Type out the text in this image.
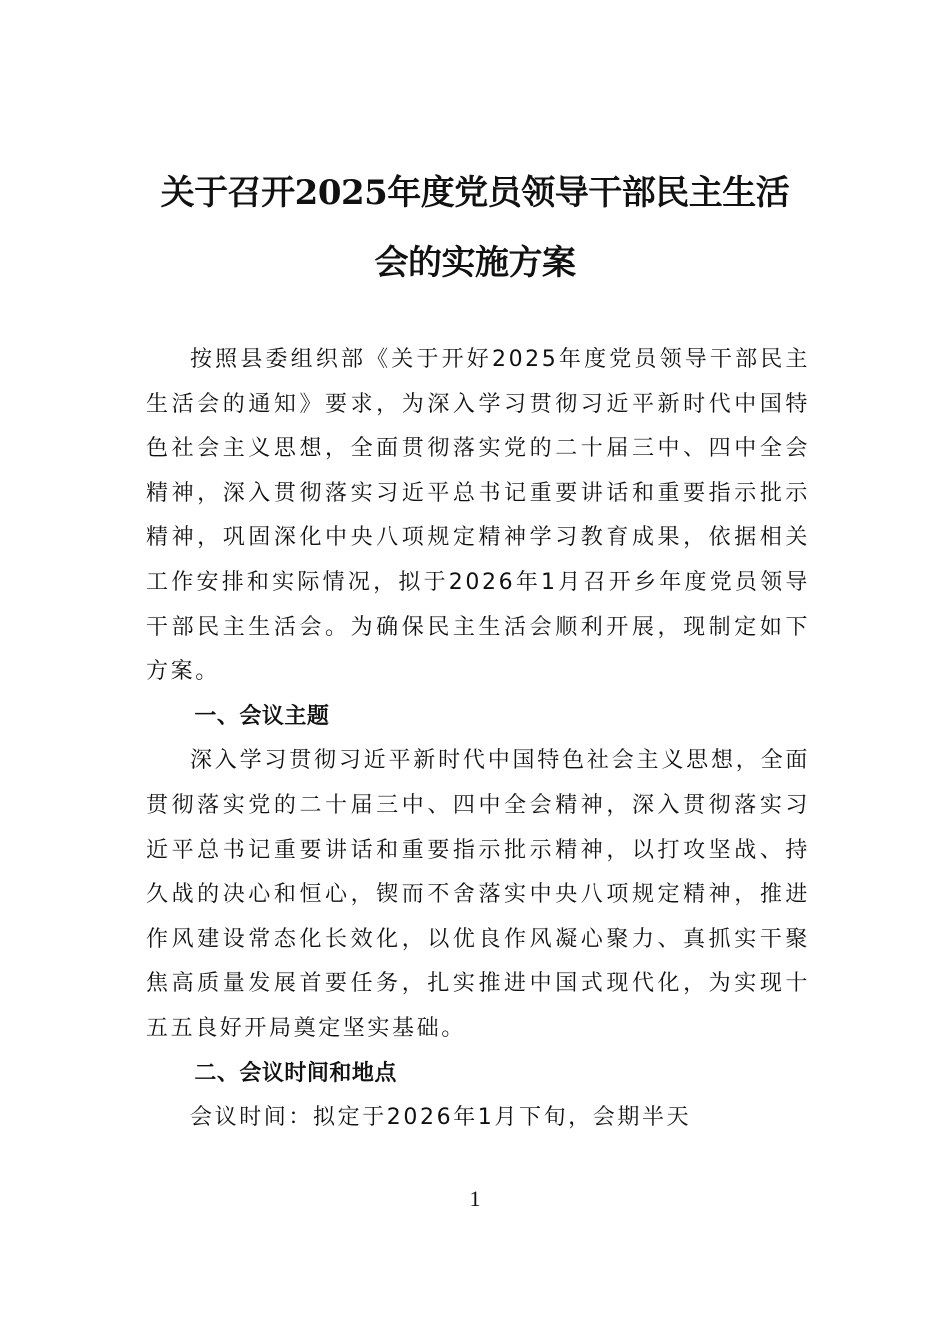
关于召开2025年度党员领导干部民主生活
会的实施方案

按照县委组织部《关于开好2025年度党员领导干部民主生活会的通知》要求，为深入学习贯彻习近平新时代中国特色社会主义思想，全面贯彻落实党的二十届三中、四中全会精神，深入贯彻落实习近平总书记重要讲话和重要指示批示精神，巩固深化中央八项规定精神学习教育成果，依据相关工作安排和实际情况，拟于2026年1月召开乡年度党员领导干部民主生活会。为确保民主生活会顺利开展，现制定如下方案。

一、会议主题

深入学习贯彻习近平新时代中国特色社会主义思想，全面贯彻落实党的二十届三中、四中全会精神，深入贯彻落实习近平总书记重要讲话和重要指示批示精神，以打攻坚战、持久战的决心和恒心，锲而不舍落实中央八项规定精神，推进作风建设常态化长效化，以优良作风凝心聚力、真抓实干聚焦高质量发展首要任务，扎实推进中国式现代化，为实现十五五良好开局奠定坚实基础。

二、会议时间和地点

会议时间：拟定于2026年1月下旬，会期半天

1
